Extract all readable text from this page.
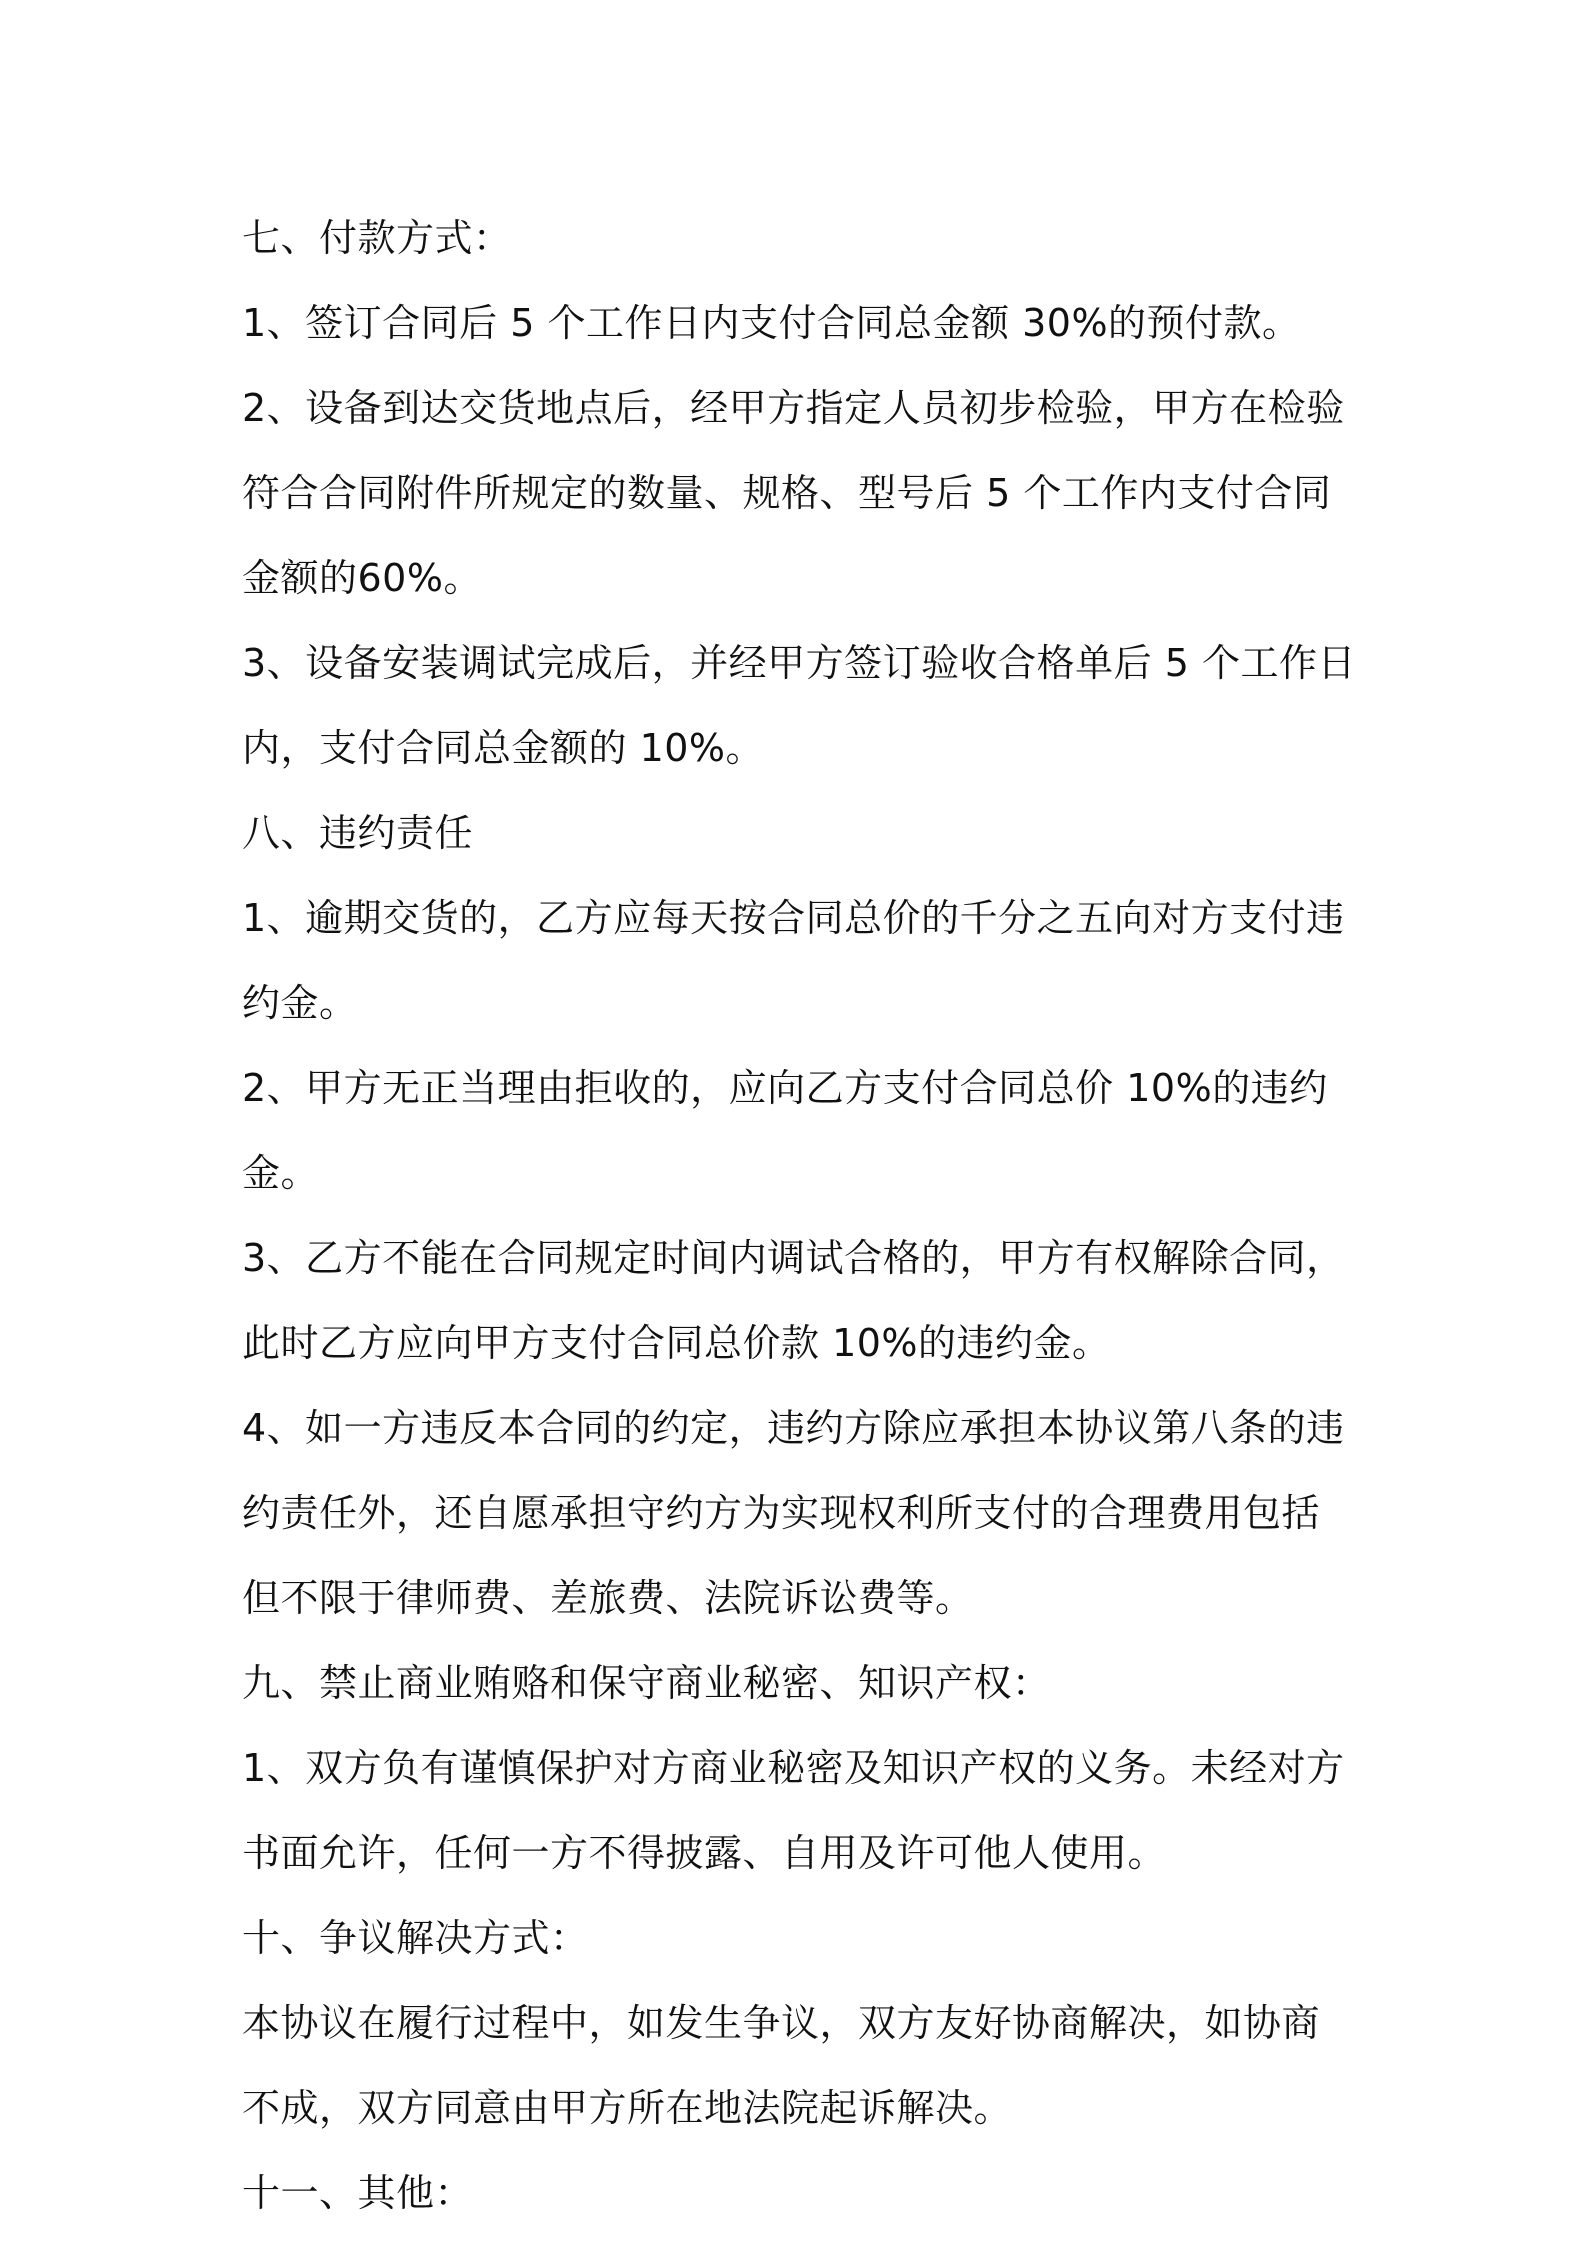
七、付款方式：

1、签订合同后 5 个工作日内支付合同总金额 30%的预付款。

2、设备到达交货地点后，经甲方指定人员初步检验，甲方在检验符合合同附件所规定的数量、规格、型号后 5 个工作内支付合同金额的60%。

3、设备安装调试完成后，并经甲方签订验收合格单后 5 个工作日内，支付合同总金额的 10%。

八、违约责任

1、逾期交货的，乙方应每天按合同总价的千分之五向对方支付违约金。

2、甲方无正当理由拒收的，应向乙方支付合同总价 10%的违约金。

3、乙方不能在合同规定时间内调试合格的，甲方有权解除合同，此时乙方应向甲方支付合同总价款 10%的违约金。

4、如一方违反本合同的约定，违约方除应承担本协议第八条的违约责任外，还自愿承担守约方为实现权利所支付的合理费用包括但不限于律师费、差旅费、法院诉讼费等。

九、禁止商业贿赂和保守商业秘密、知识产权：

1、双方负有谨慎保护对方商业秘密及知识产权的义务。未经对方书面允许，任何一方不得披露、自用及许可他人使用。

十、争议解决方式：

本协议在履行过程中，如发生争议，双方友好协商解决，如协商不成，双方同意由甲方所在地法院起诉解决。

十一、其他：
